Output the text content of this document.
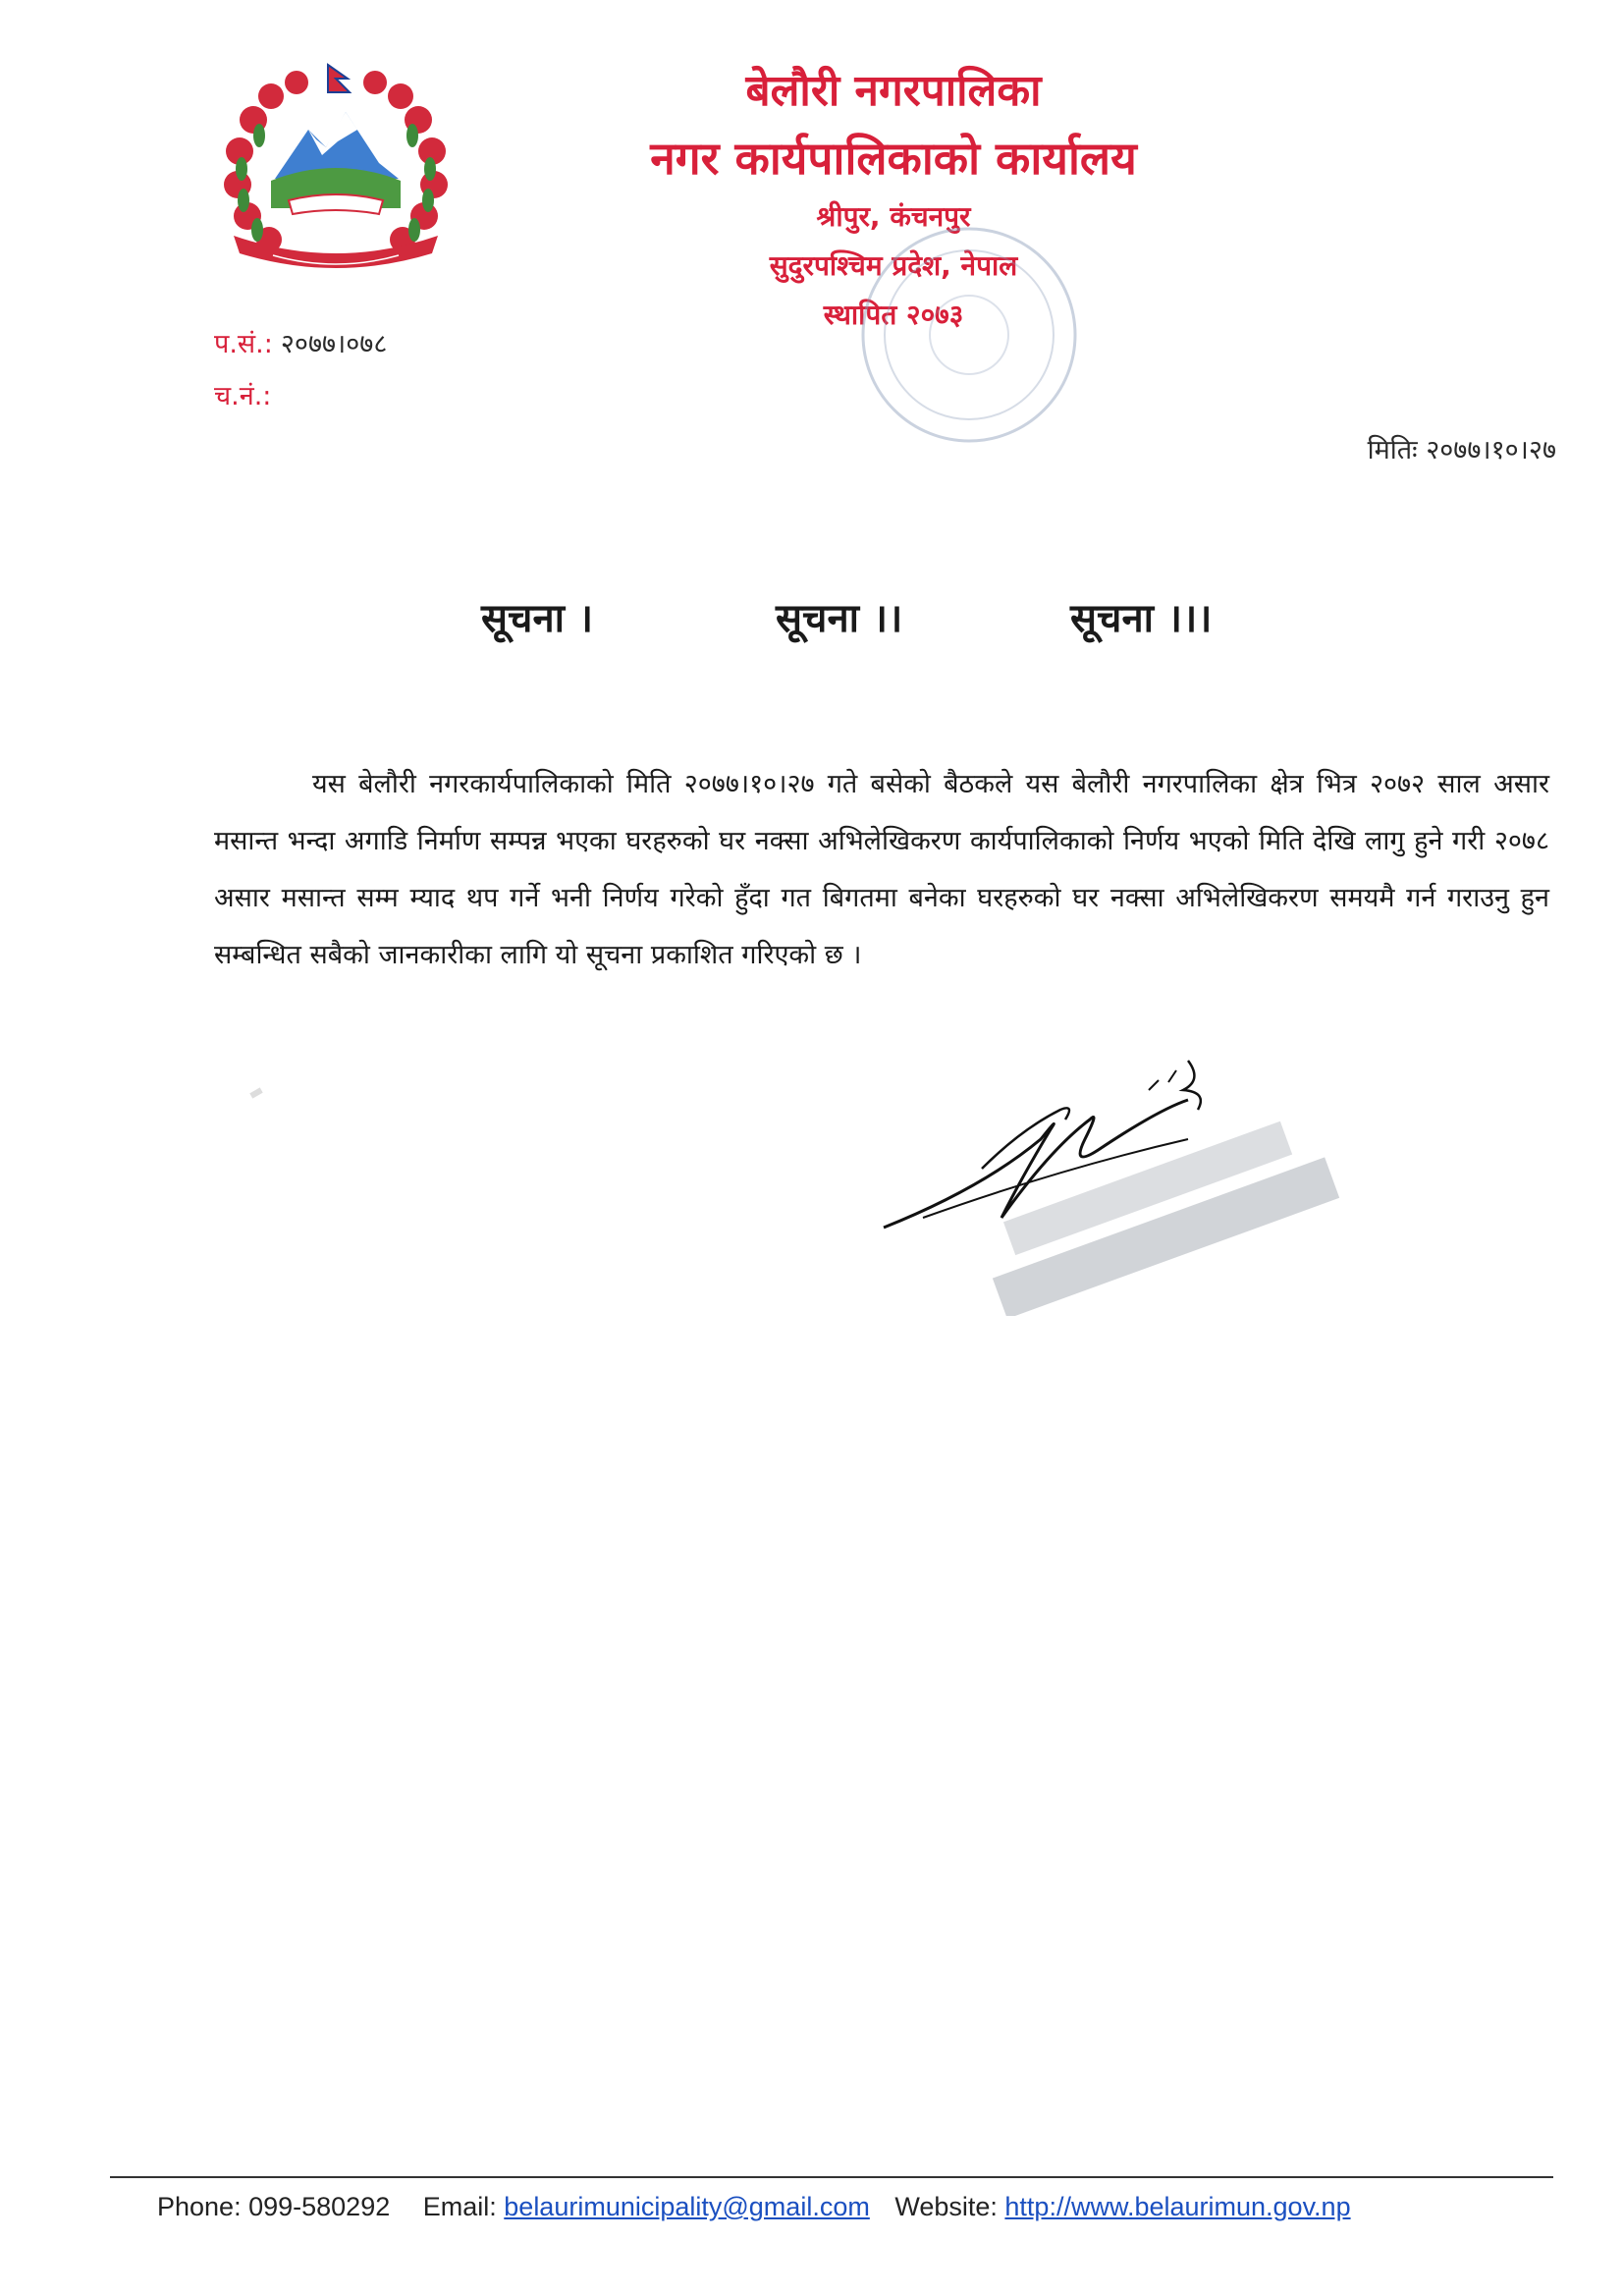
बेलौरी नगरपालिका
नगर कार्यपालिकाको कार्यालय
श्रीपुर, कंचनपुर
सुदुरपश्चिम प्रदेश, नेपाल
स्थापित २०७३
प.सं.: २०७७।०७८
च.नं.:
मितिः २०७७।१०।२७
सूचना ।	सूचना ।।	सूचना ।।।
यस बेलौरी नगरकार्यपालिकाको मिति २०७७।१०।२७ गते बसेको बैठकले यस बेलौरी नगरपालिका क्षेत्र भित्र २०७२ साल असार मसान्त भन्दा अगाडि निर्माण सम्पन्न भएका घरहरुको घर नक्सा अभिलेखिकरण कार्यपालिकाको निर्णय भएको मिति देखि लागु हुने गरी २०७८ असार मसान्त सम्म म्याद थप गर्ने भनी निर्णय गरेको हुँदा गत बिगतमा बनेका घरहरुको घर नक्सा अभिलेखिकरण समयमै गर्न गराउनु हुन सम्बन्धित सबैको जानकारीका लागि यो सूचना प्रकाशित गरिएको छ ।
Phone: 099-580292 Email: belaurimunicipality@gmail.com Website: http://www.belaurimun.gov.np
